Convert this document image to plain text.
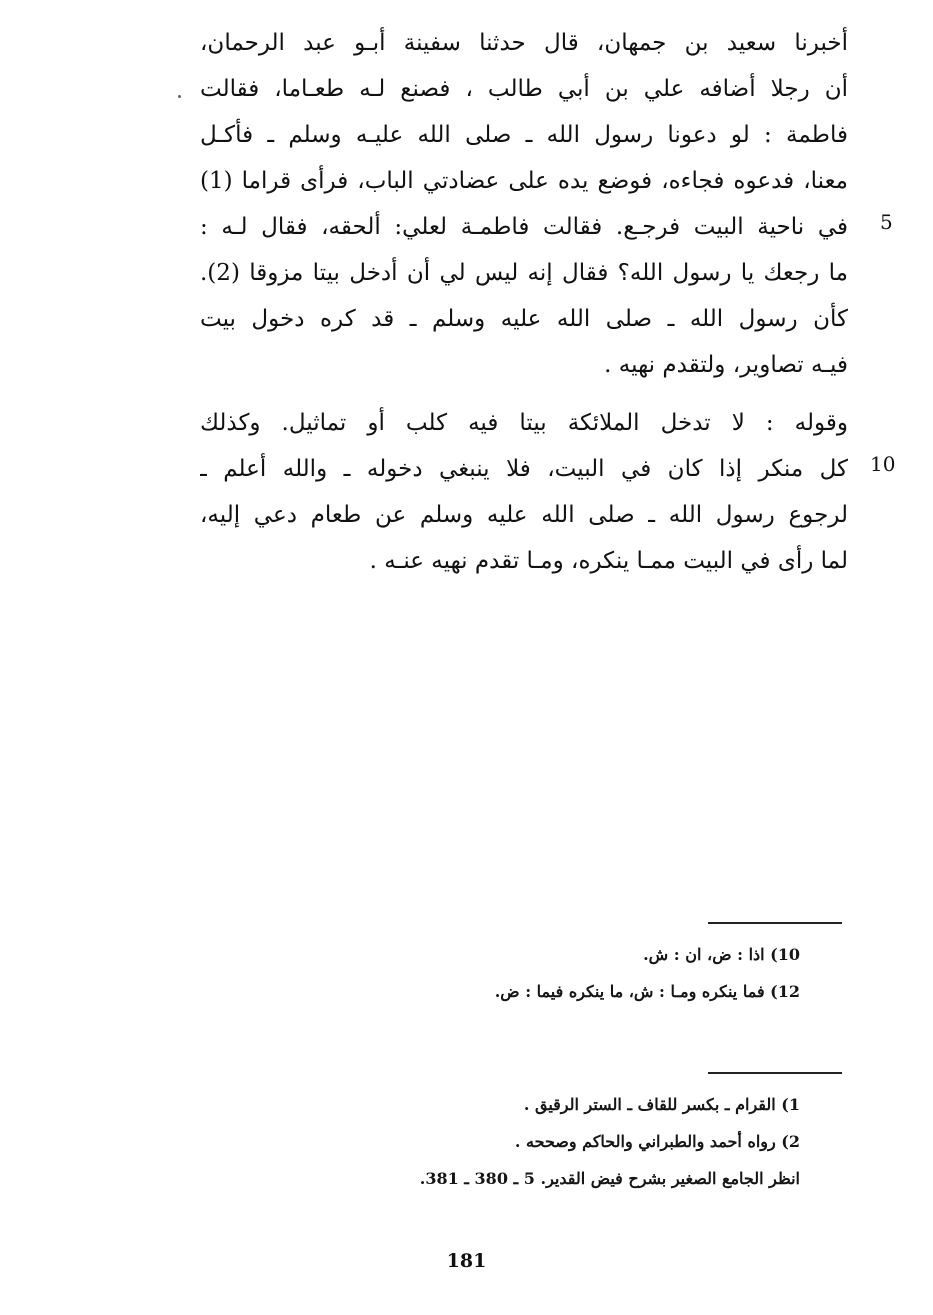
أخبرنا سعيد بن جمهان، قال حدثنا سفينة أبـو عبد الرحمان،
أن رجلا أضافه علي بن أبي طالب ، فصنع لـه طعـاما، فقالت
فاطمة : لو دعونا رسول الله ـ صلى الله عليـه وسلم ـ فأكـل
معنا، فدعوه فجاءه، فوضع يده على عضادتي الباب، فرأى قراما (1)
في ناحية البيت فرجـع. فقالت فاطمـة لعلي: ألحقه، فقال لـه :
ما رجعك يا رسول الله؟ فقال إنه ليس لي أن أدخل بيتا مزوقا (2).
كأن رسول الله ـ صلى الله عليه وسلم ـ قد كره دخول بيت
فيـه تصاوير، ولتقدم نهيه .
وقوله : لا تدخل الملائكة بيتا فيه كلب أو تماثيل. وكذلك
كل منكر إذا كان في البيت، فلا ينبغي دخوله ـ والله أعلم ـ
لرجوع رسول الله ـ صلى الله عليه وسلم عن طعام دعي إليه،
لما رأى في البيت ممـا ينكره، ومـا تقدم نهيه عنـه .
5
10
10) اذا : ض، ان : ش.
12) فما ينكره ومـا : ش، ما ينكره فيما : ض.
1) القرام ـ بكسر للقاف ـ الستر الرقيق .
2) رواه أحمد والطبراني والحاكم وصححه .
انظر الجامع الصغير بشرح فيض القدير. 5 ـ 380 ـ 381.
181
